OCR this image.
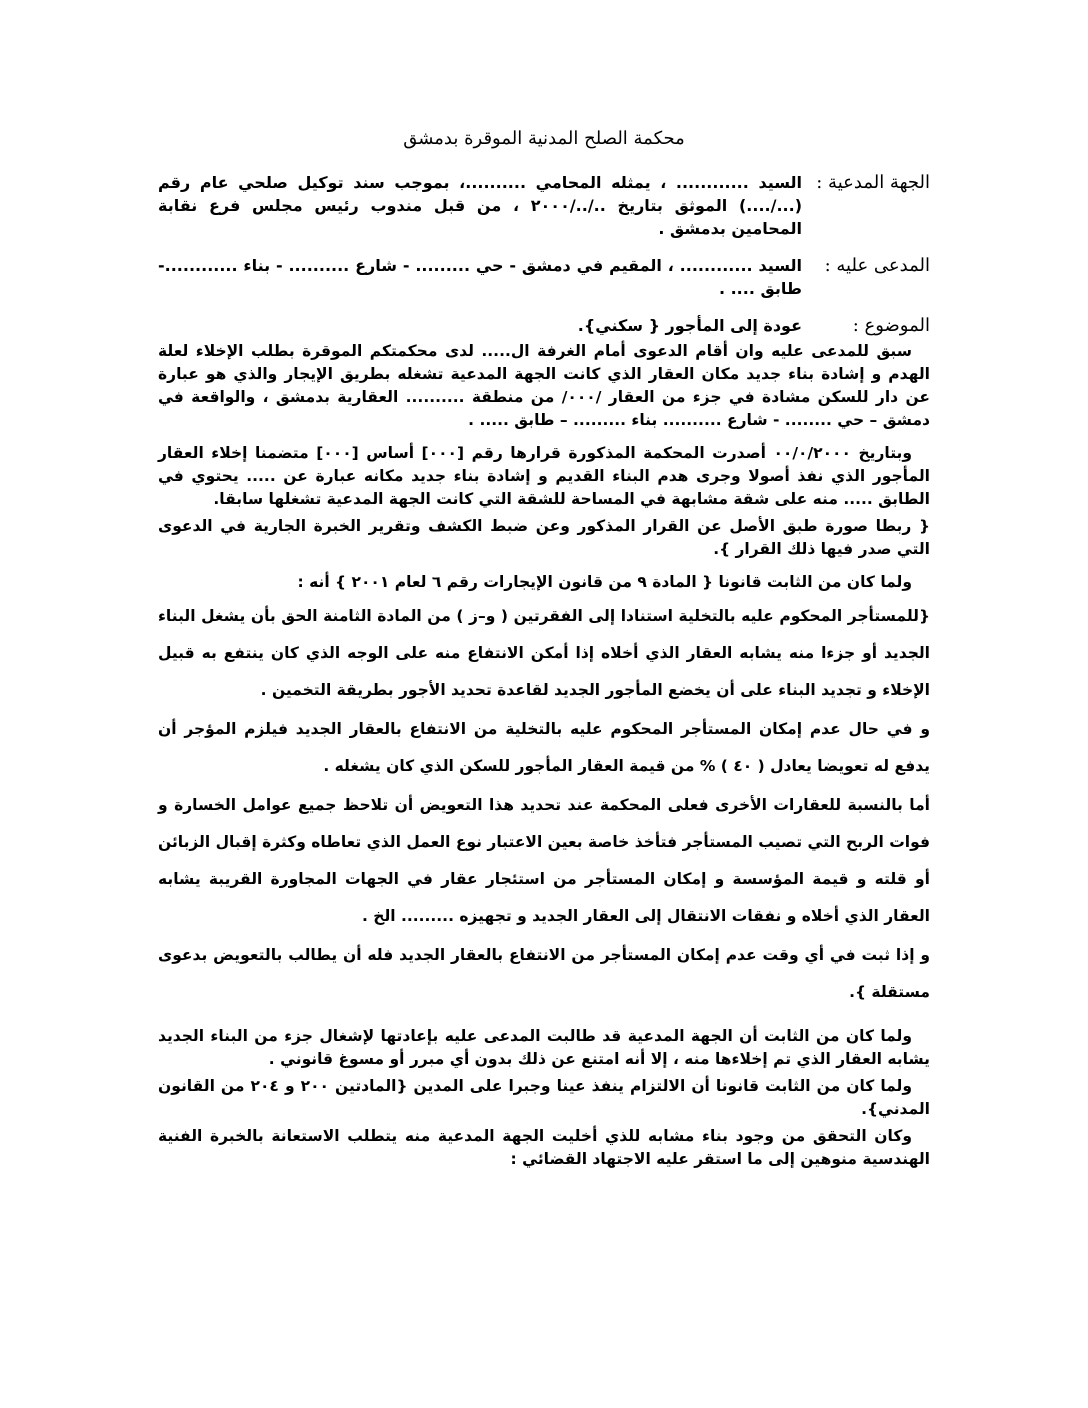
محكمة الصلح المدنية الموقرة بدمشق
الجهة المدعية :
السيد ............ ، يمثله المحامي ..........، بموجب سند توكيل صلحي عام رقم (.../....) الموثق بتاريخ ../../٢٠٠٠ ، من قبل مندوب رئيس مجلس فرع نقابة المحامين بدمشق .
المدعى عليه :
السيد ............ ، المقيم في دمشق - حي ......... - شارع .......... - بناء ............- طابق .... .
الموضوع :
عودة إلى المأجور { سكني}.

سبق للمدعى عليه وان أقام الدعوى أمام الغرفة ال..... لدى محكمتكم الموقرة بطلب الإخلاء لعلة الهدم و إشادة بناء جديد مكان العقار الذي كانت الجهة المدعية تشغله بطريق الإيجار والذي هو عبارة عن دار للسكن مشادة في جزء من العقار /٠٠٠/ من منطقة .......... العقارية بدمشق ، والواقعة في دمشق – حي ........ - شارع .......... بناء ......... – طابق ..... .

وبتاريخ ٠٠/٠/٢٠٠٠ أصدرت المحكمة المذكورة قرارها رقم [٠٠٠] أساس [٠٠٠] متضمنا إخلاء العقار المأجور الذي نفذ أصولا وجرى هدم البناء القديم و إشادة بناء جديد مكانه عبارة عن ..... يحتوي في الطابق ..... منه على شقة مشابهة في المساحة للشقة التي كانت الجهة المدعية تشغلها سابقا.

{ ربطا صورة طبق الأصل عن القرار المذكور وعن ضبط الكشف وتقرير الخبرة الجارية في الدعوى التي صدر فيها ذلك القرار }.

ولما كان من الثابت قانونا { المادة ٩ من قانون الإيجارات رقم ٦ لعام ٢٠٠١ } أنه :

{للمستأجر المحكوم عليه بالتخلية استنادا إلى الفقرتين ( و–ز ) من المادة الثامنة الحق بأن يشغل البناء الجديد أو جزءا منه يشابه العقار الذي أخلاه إذا أمكن الانتفاع منه على الوجه الذي كان ينتفع به قبيل الإخلاء و تجديد البناء على أن يخضع المأجور الجديد لقاعدة تحديد الأجور بطريقة التخمين .

و في حال عدم إمكان المستأجر المحكوم عليه بالتخلية من الانتفاع بالعقار الجديد فيلزم المؤجر أن يدفع له تعويضا يعادل ( ٤٠ ) % من قيمة العقار المأجور للسكن الذي كان يشغله .

أما بالنسبة للعقارات الأخرى فعلى المحكمة عند تحديد هذا التعويض أن تلاحظ جميع عوامل الخسارة و فوات الربح التي تصيب المستأجر فتأخذ خاصة بعين الاعتبار نوع العمل الذي تعاطاه وكثرة إقبال الزبائن أو قلته و قيمة المؤسسة و إمكان المستأجر من استئجار عقار في الجهات المجاورة القريبة يشابه العقار الذي أخلاه و نفقات الانتقال إلى العقار الجديد و تجهيزه ......... الخ .

و إذا ثبت في أي وقت عدم إمكان المستأجر من الانتفاع بالعقار الجديد فله أن يطالب بالتعويض بدعوى مستقلة }.

ولما كان من الثابت أن الجهة المدعية قد طالبت المدعى عليه بإعادتها لإشغال جزء من البناء الجديد يشابه العقار الذي تم إخلاءها منه ، إلا أنه امتنع عن ذلك بدون أي مبرر أو مسوغ قانوني .

ولما كان من الثابت قانونا أن الالتزام ينفذ عينا وجبرا على المدين {المادتين ٢٠٠ و ٢٠٤ من القانون المدني}.

وكان التحقق من وجود بناء مشابه للذي أخليت الجهة المدعية منه يتطلب الاستعانة بالخبرة الفنية الهندسية منوهين إلى ما استقر عليه الاجتهاد القضائي :
